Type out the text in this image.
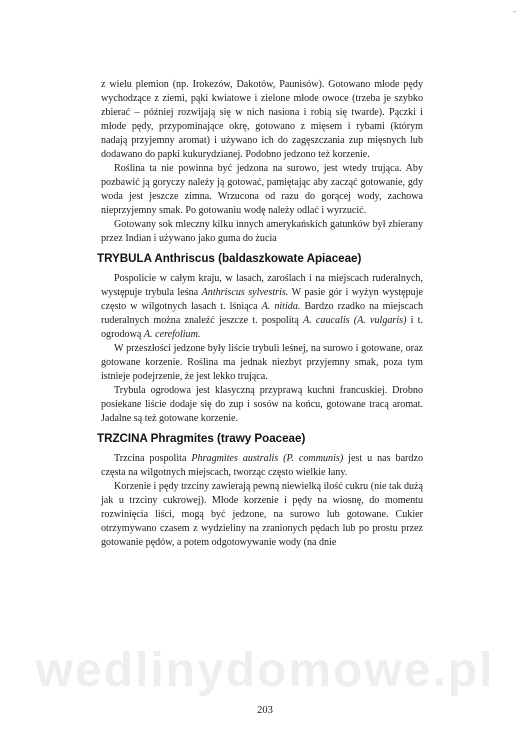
-

z wielu plemion (np. Irokezów, Dakotów, Paunisów). Gotowano młode pędy wychodzące z ziemi, pąki kwiatowe i zielone młode owoce (trzeba je szybko zbierać – później rozwijają się w nich nasiona i robią się twarde). Pączki i młode pędy, przypominające okrę, gotowano z mięsem i rybami (którym nadają przyjemny aromat) i używano ich do zagęszczania zup mięsnych lub dodawano do papki kukurydzianej. Podobno jedzono też korzenie.

Roślina ta nie powinna być jedzona na surowo, jest wtedy trująca. Aby pozbawić ją goryczy należy ją gotować, pamiętając aby zacząć gotowanie, gdy woda jest jeszcze zimna. Wrzucona od razu do gorącej wody, zachowa nieprzyjemny smak. Po gotowaniu wodę należy odlać i wyrzucić.

Gotowany sok mleczny kilku innych amerykańskich gatunków był zbierany przez Indian i używano jako guma do żucia

TRYBULA Anthriscus (baldaszkowate Apiaceae)

Pospolicie w całym kraju, w lasach, zaroślach i na miejscach ruderalnych, występuje trybula leśna Anthriscus sylvestris. W pasie gór i wyżyn występuje często w wilgotnych lasach t. lśniąca A. nitida. Bardzo rzadko na miejscach ruderalnych można znaleźć jeszcze t. pospolitą A. caucalis (A. vulgaris) i t. ogrodową A. cerefolium.

W przeszłości jedzone były liście trybuli leśnej, na surowo i gotowane, oraz gotowane korzenie. Roślina ma jednak niezbyt przyjemny smak, poza tym istnieje podejrzenie, że jest lekko trująca.

Trybula ogrodowa jest klasyczną przyprawą kuchni francuskiej. Drobno posiekane liście dodaje się do zup i sosów na końcu, gotowane tracą aromat. Jadalne są też gotowane korzenie.

TRZCINA Phragmites (trawy Poaceae)

Trzcina pospolita Phragmites australis (P. communis) jest u nas bardzo częsta na wilgotnych miejscach, tworząc często wielkie łany.

Korzenie i pędy trzciny zawierają pewną niewielką ilość cukru (nie tak dużą jak u trzciny cukrowej). Młode korzenie i pędy na wiosnę, do momentu rozwinięcia liści, mogą być jedzone, na surowo lub gotowane. Cukier otrzymywano czasem z wydzieliny na zranionych pędach lub po prostu przez gotowanie pędów, a potem odgotowywanie wody (na dnie

wedlinydomowe.pl
203
